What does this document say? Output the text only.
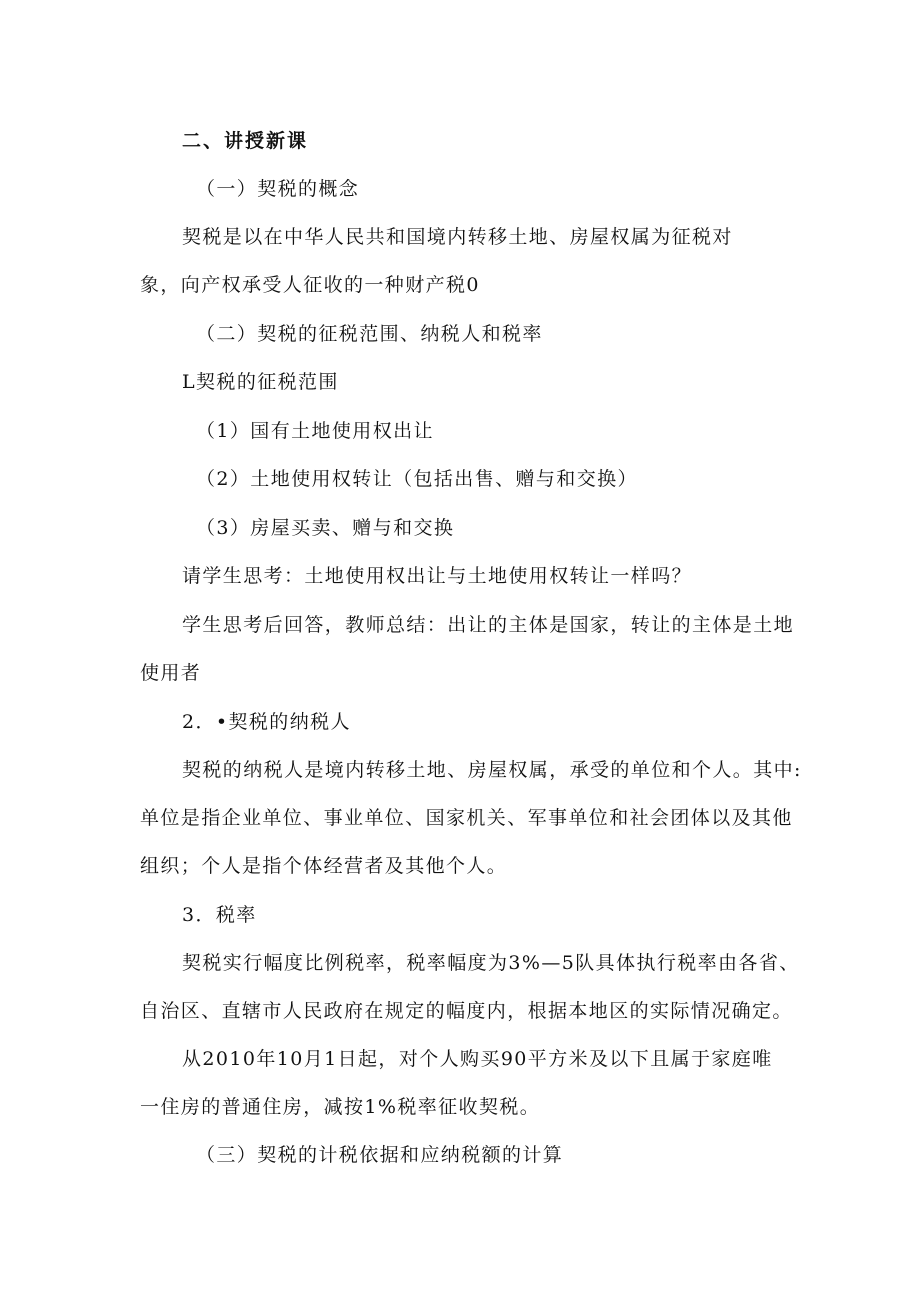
二、讲授新课
（一）契税的概念
契税是以在中华人民共和国境内转移土地、房屋权属为征税对
象，向产权承受人征收的一种财产税0
（二）契税的征税范围、纳税人和税率
L契税的征税范围
（1）国有土地使用权出让
（2）土地使用权转让（包括出售、赠与和交换）
（3）房屋买卖、赠与和交换
请学生思考：土地使用权出让与土地使用权转让一样吗？
学生思考后回答，教师总结：出让的主体是国家，转让的主体是土地
使用者
2．•契税的纳税人
契税的纳税人是境内转移土地、房屋权属，承受的单位和个人。其中:
单位是指企业单位、事业单位、国家机关、军事单位和社会团体以及其他
组织；个人是指个体经营者及其他个人。
3．税率
契税实行幅度比例税率，税率幅度为3%—5队具体执行税率由各省、
自治区、直辖市人民政府在规定的幅度内，根据本地区的实际情况确定。
从2010年10月1日起，对个人购买90平方米及以下且属于家庭唯
一住房的普通住房，减按1%税率征收契税。
（三）契税的计税依据和应纳税额的计算
